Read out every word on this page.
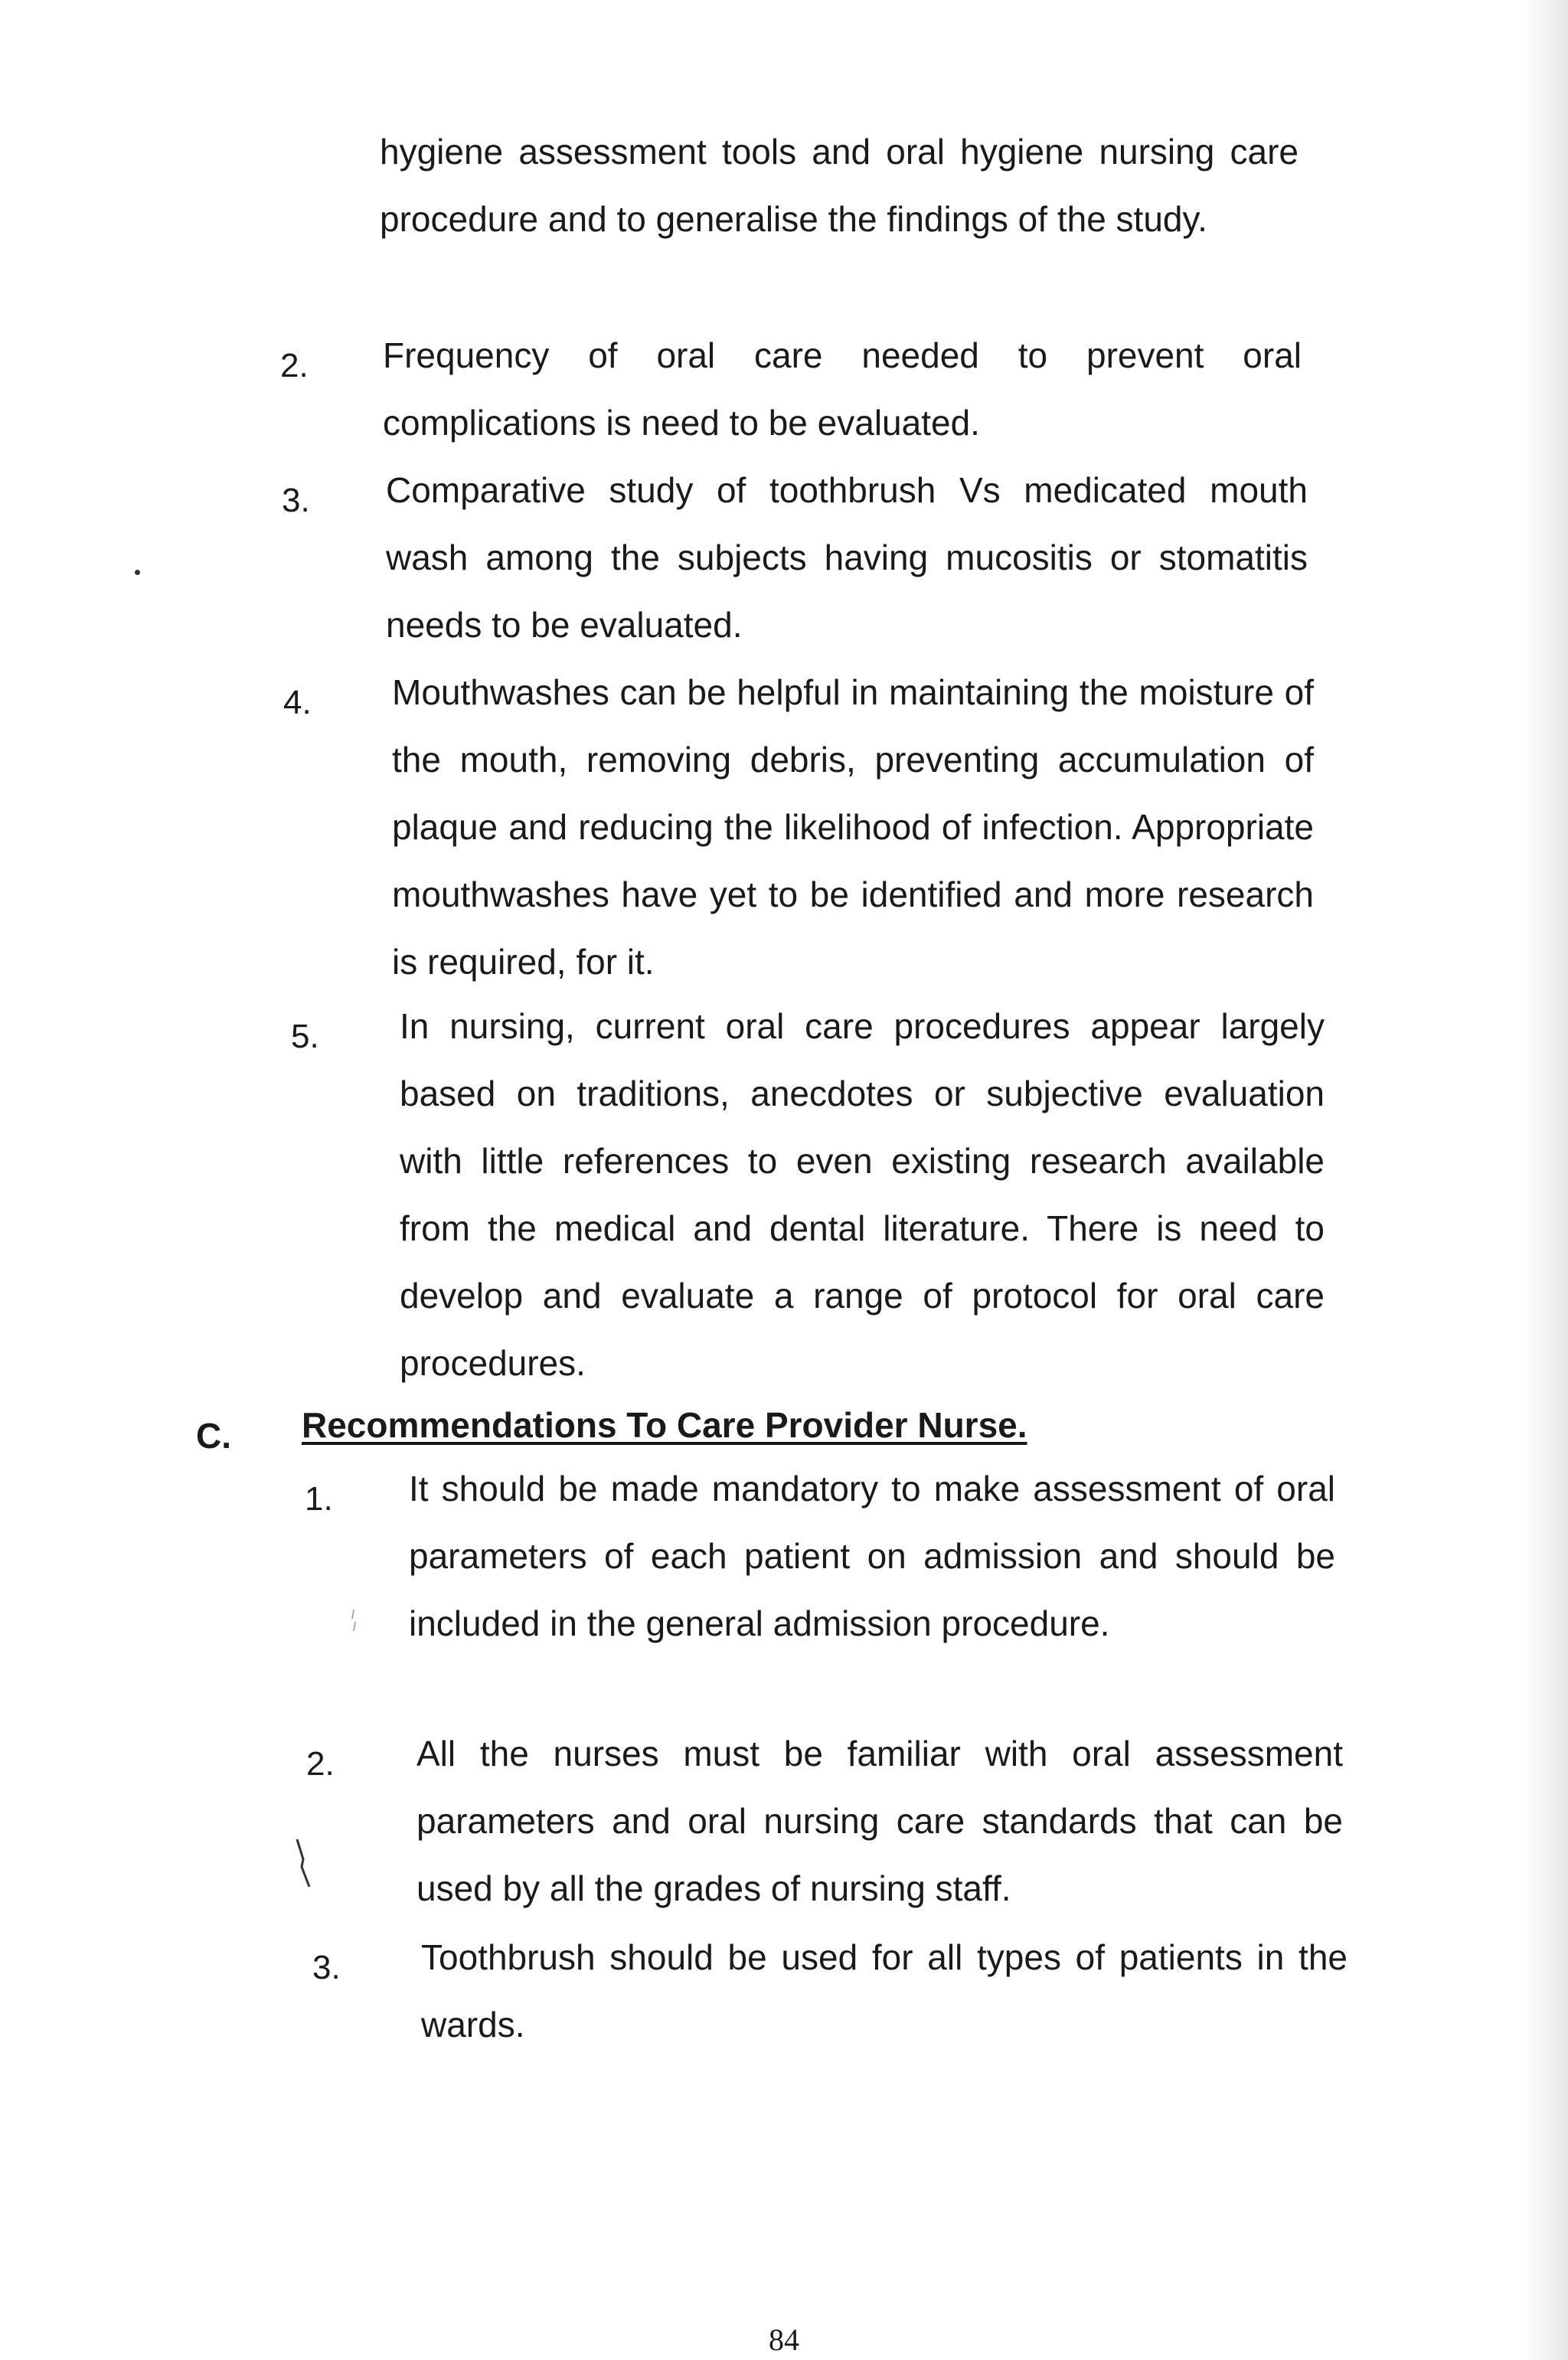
hygiene assessment tools and oral hygiene nursing care procedure and to generalise the findings of the study.

2. Frequency of oral care needed to prevent oral complications is need to be evaluated.

3. Comparative study of toothbrush Vs medicated mouth wash among the subjects having mucositis or stomatitis needs to be evaluated.

4. Mouthwashes can be helpful in maintaining the moisture of the mouth, removing debris, preventing accumulation of plaque and reducing the likelihood of infection. Appropriate mouthwashes have yet to be identified and more research is required, for it.

5. In nursing, current oral care procedures appear largely based on traditions, anecdotes or subjective evaluation with little references to even existing research available from the medical and dental literature. There is need to develop and evaluate a range of protocol for oral care procedures.

C. Recommendations To Care Provider Nurse.
1. It should be made mandatory to make assessment of oral parameters of each patient on admission and should be included in the general admission procedure.

2. All the nurses must be familiar with oral assessment parameters and oral nursing care standards that can be used by all the grades of nursing staff.

3. Toothbrush should be used for all types of patients in the wards.

84
